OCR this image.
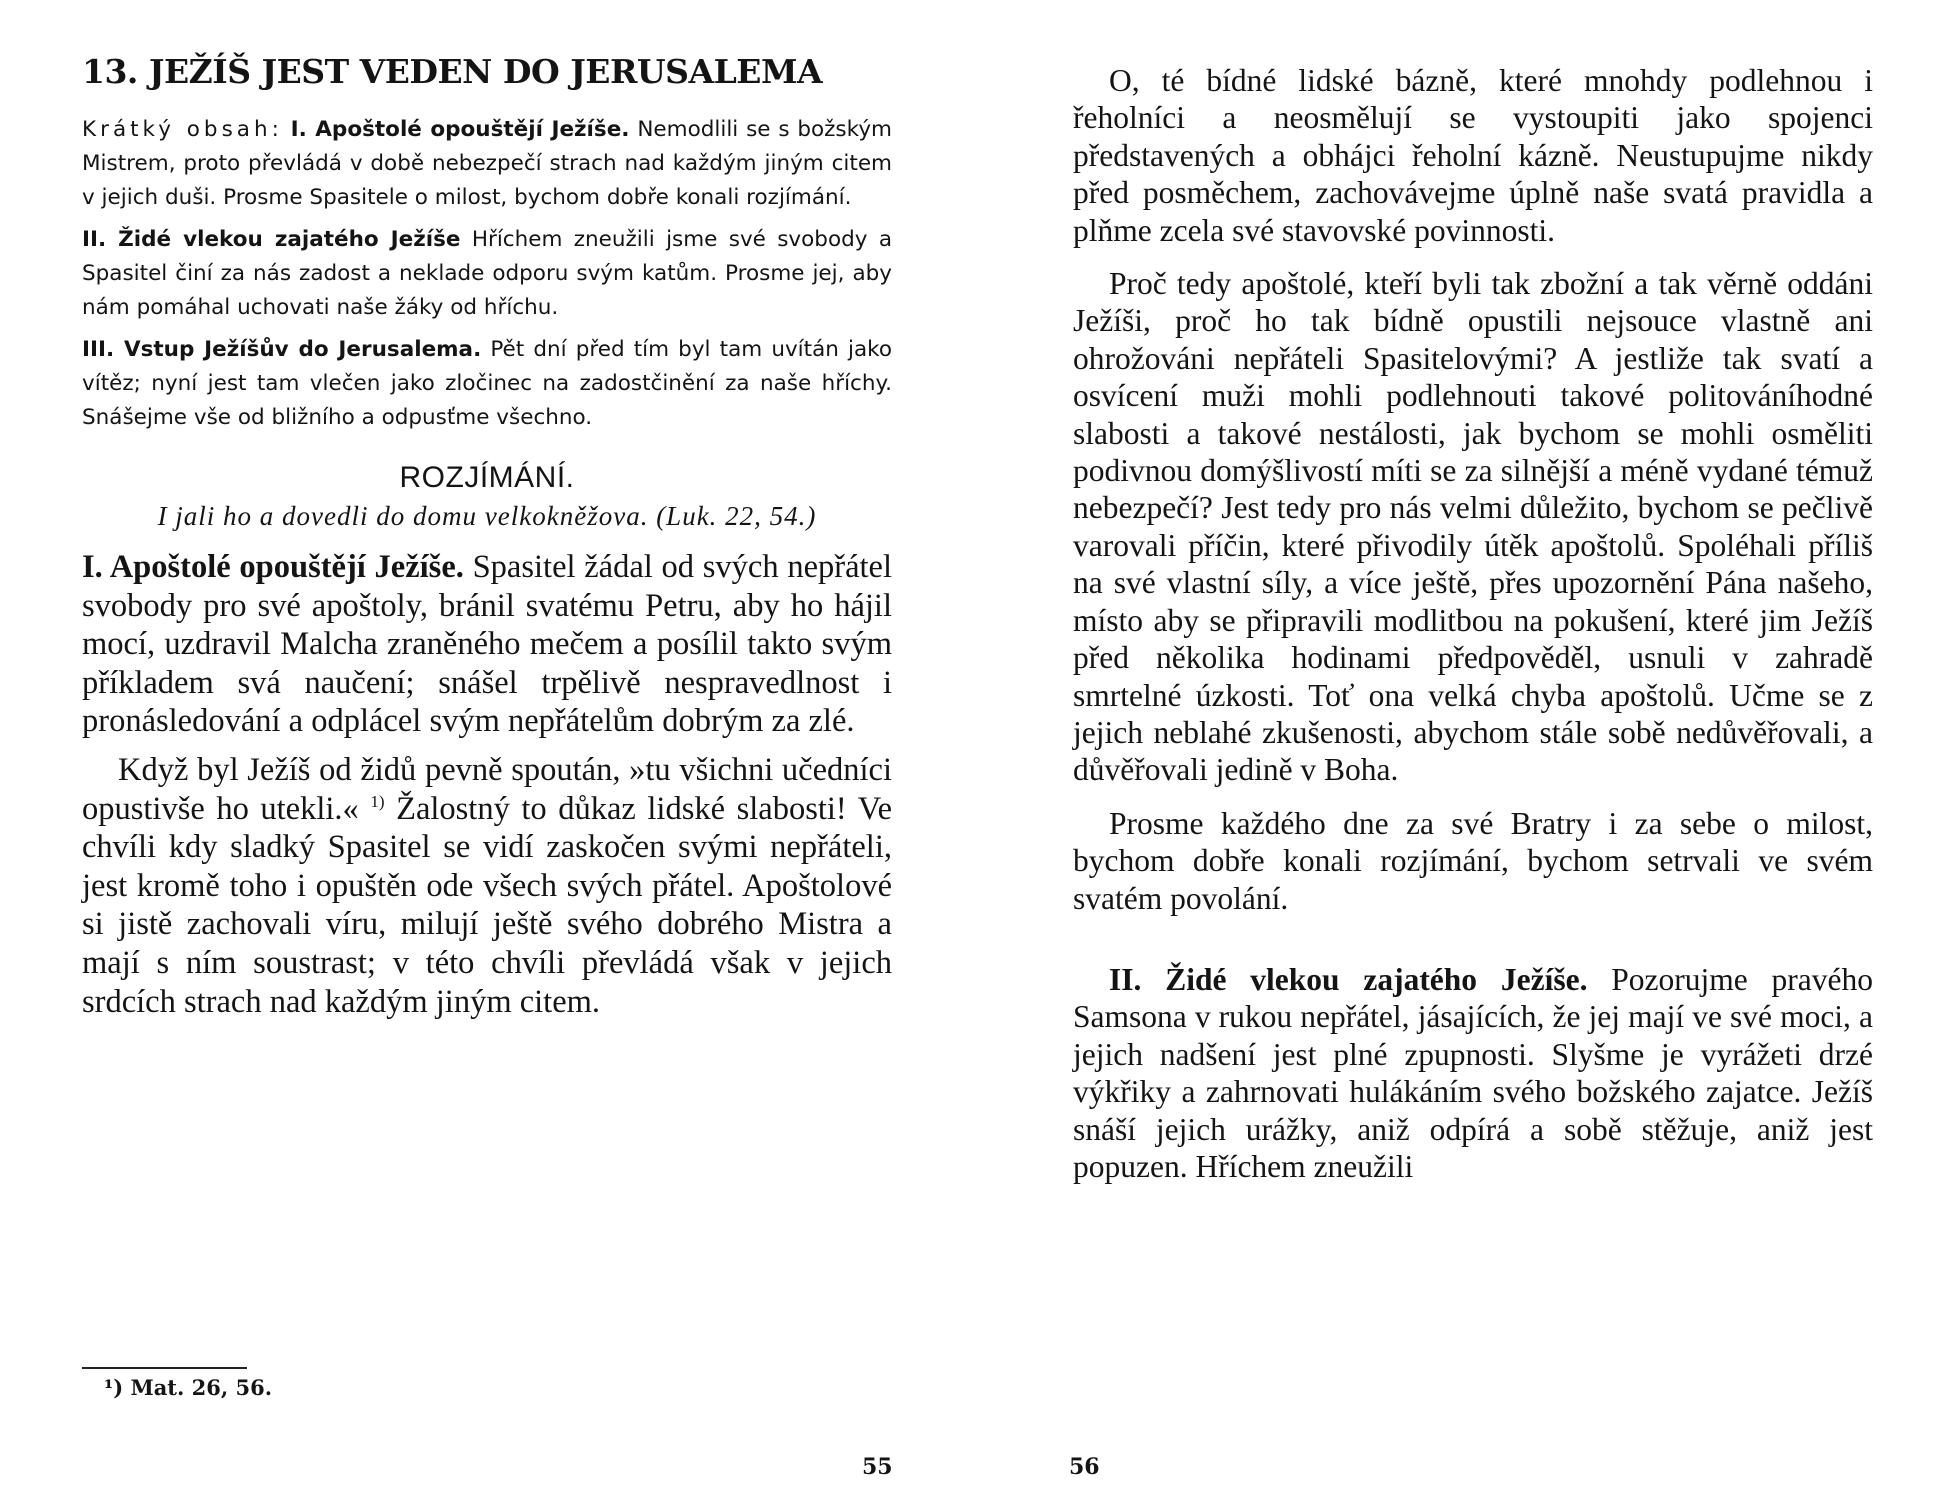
13. JEŽÍŠ JEST VEDEN DO JERUSALEMA

Krátký obsah: I. Apoštolé opouštějí Ježíše. Nemodlili se s božským Mistrem, proto převládá v době nebezpečí strach nad každým jiným citem v jejich duši. Prosme Spasitele o milost, bychom dobře konali rozjímání.

II. Židé vlekou zajatého Ježíše Hříchem zneužili jsme své svobody a Spasitel činí za nás zadost a neklade odporu svým katům. Prosme jej, aby nám pomáhal uchovati naše žáky od hříchu.

III. Vstup Ježíšův do Jerusalema. Pět dní před tím byl tam uvítán jako vítěz; nyní jest tam vlečen jako zločinec na zadostčinění za naše hříchy. Snášejme vše od bližního a odpusťme všechno.

ROZJÍMÁNÍ.
I jali ho a dovedli do domu velkokněžova. (Luk. 22, 54.)

I. Apoštolé opouštějí Ježíše. Spasitel žádal od svých nepřátel svobody pro své apoštoly, bránil svatému Petru, aby ho hájil mocí, uzdravil Malcha zraněného mečem a posílil takto svým příkladem svá naučení; snášel trpělivě nespravedlnost i pronásledování a odplácel svým nepřátelům dobrým za zlé.

Když byl Ježíš od židů pevně spoután, »tu všichni učedníci opustivše ho utekli.« $^{1)}$ Žalostný to důkaz lidské slabosti! Ve chvíli kdy sladký Spasitel se vidí zaskočen svými nepřáteli, jest kromě toho i opuštěn ode všech svých přátel. Apoštolové si jistě zachovali víru, milují ještě svého dobrého Mistra a mají s ním soustrast; v této chvíli převládá však v jejich srdcích strach nad každým jiným citem.

¹) Mat. 26, 56.
55

O, té bídné lidské bázně, které mnohdy podlehnou i řeholníci a neosmělují se vystoupiti jako spojenci představených a obhájci řeholní kázně. Neustupujme nikdy před posměchem, zachovávejme úplně naše svatá pravidla a plňme zcela své stavovské povinnosti.

Proč tedy apoštolé, kteří byli tak zbožní a tak věrně oddáni Ježíši, proč ho tak bídně opustili nejsouce vlastně ani ohrožováni nepřáteli Spasitelovými? A jestliže tak svatí a osvícení muži mohli podlehnouti takové politováníhodné slabosti a takové nestálosti, jak bychom se mohli osměliti podivnou domýšlivostí míti se za silnější a méně vydané témuž nebezpečí? Jest tedy pro nás velmi důležito, bychom se pečlivě varovali příčin, které přivodily útěk apoštolů. Spoléhali příliš na své vlastní síly, a více ještě, přes upozornění Pána našeho, místo aby se připravili modlitbou na pokušení, které jim Ježíš před několika hodinami předpověděl, usnuli v zahradě smrtelné úzkosti. Toť ona velká chyba apoštolů. Učme se z jejich neblahé zkušenosti, abychom stále sobě nedůvěřovali, a důvěřovali jedině v Boha.

Prosme každého dne za své Bratry i za sebe o milost, bychom dobře konali rozjímání, bychom setrvali ve svém svatém povolání.

II. Židé vlekou zajatého Ježíše. Pozorujme pravého Samsona v rukou nepřátel, jásajících, že jej mají ve své moci, a jejich nadšení jest plné zpupnosti. Slyšme je vyrážeti drzé výkřiky a zahrnovati hulákáním svého božského zajatce. Ježíš snáší jejich urážky, aniž odpírá a sobě stěžuje, aniž jest popuzen. Hříchem zneužili

56
